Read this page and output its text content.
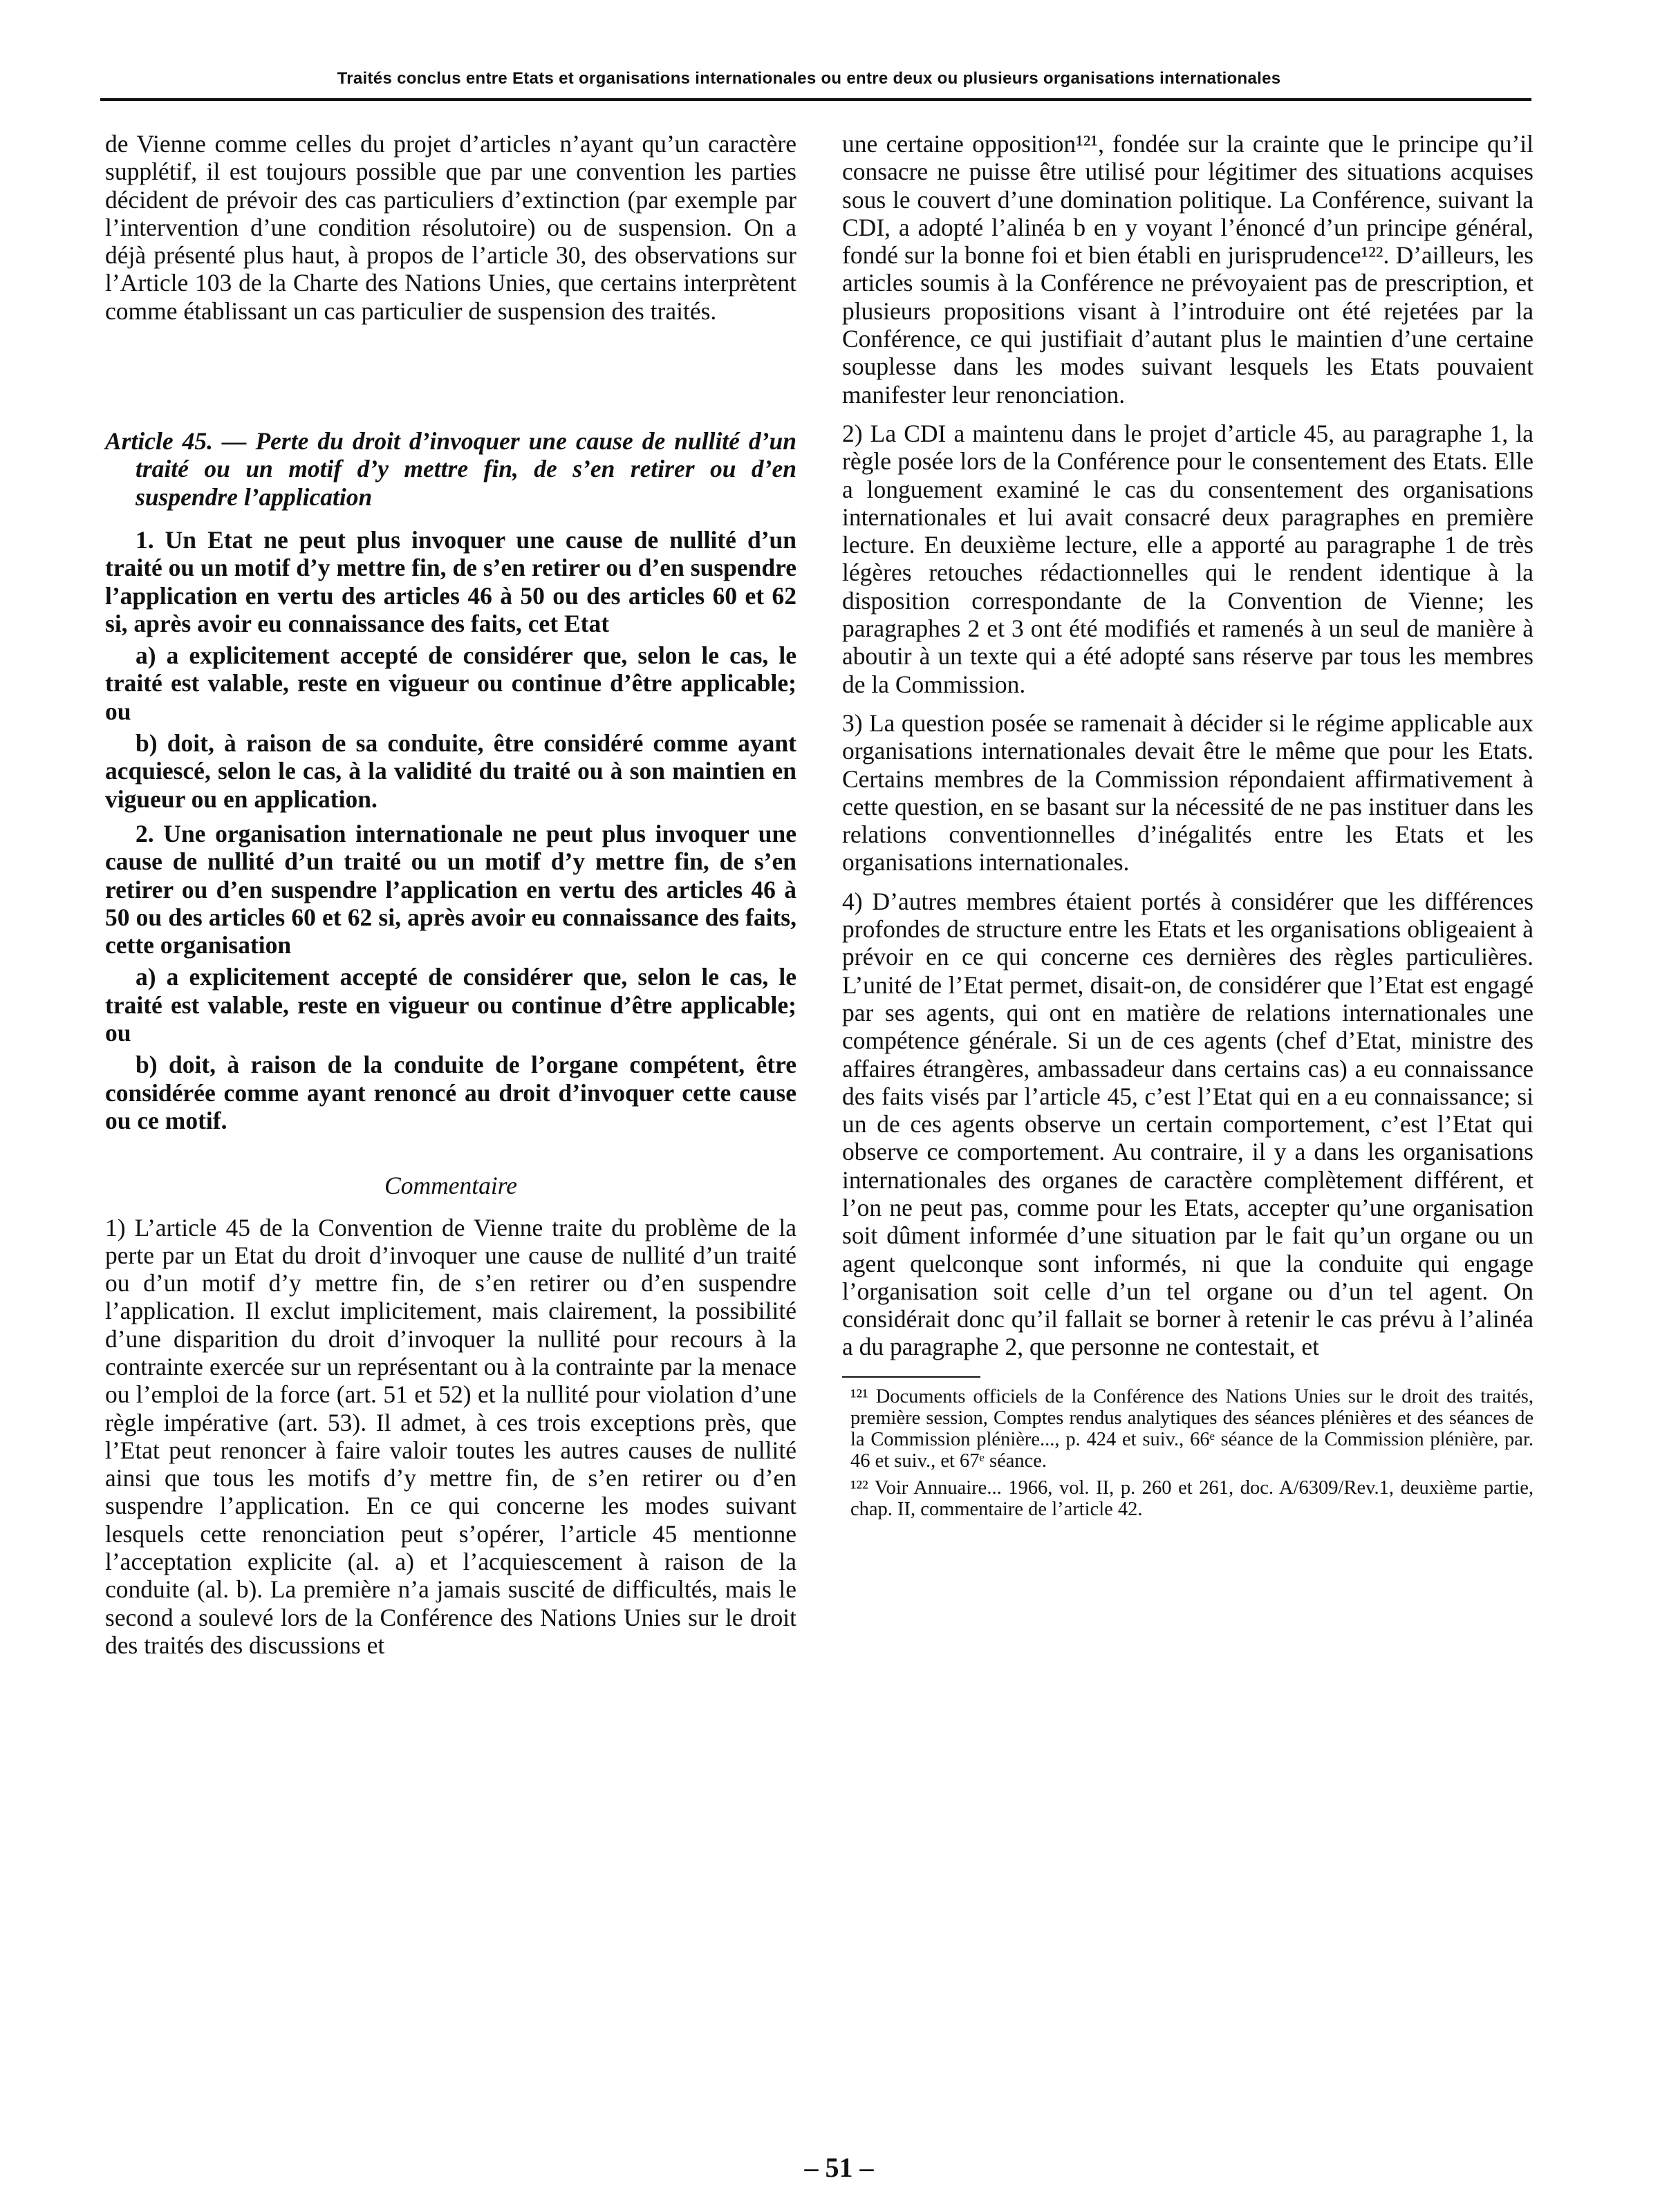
Traités conclus entre Etats et organisations internationales ou entre deux ou plusieurs organisations internationales

de Vienne comme celles du projet d’articles n’ayant qu’un caractère supplétif, il est toujours possible que par une convention les parties décident de prévoir des cas particuliers d’extinction (par exemple par l’intervention d’une condition résolutoire) ou de suspension. On a déjà présenté plus haut, à propos de l’article 30, des observations sur l’Article 103 de la Charte des Nations Unies, que certains interprètent comme établissant un cas particulier de suspension des traités.

Article 45. — Perte du droit d’invoquer une cause de nullité d’un traité ou un motif d’y mettre fin, de s’en retirer ou d’en suspendre l’application

1. Un Etat ne peut plus invoquer une cause de nullité d’un traité ou un motif d’y mettre fin, de s’en retirer ou d’en suspendre l’application en vertu des articles 46 à 50 ou des articles 60 et 62 si, après avoir eu connaissance des faits, cet Etat

a) a explicitement accepté de considérer que, selon le cas, le traité est valable, reste en vigueur ou continue d’être applicable; ou

b) doit, à raison de sa conduite, être considéré comme ayant acquiescé, selon le cas, à la validité du traité ou à son maintien en vigueur ou en application.

2. Une organisation internationale ne peut plus invoquer une cause de nullité d’un traité ou un motif d’y mettre fin, de s’en retirer ou d’en suspendre l’application en vertu des articles 46 à 50 ou des articles 60 et 62 si, après avoir eu connaissance des faits, cette organisation

a) a explicitement accepté de considérer que, selon le cas, le traité est valable, reste en vigueur ou continue d’être applicable; ou

b) doit, à raison de la conduite de l’organe compétent, être considérée comme ayant renoncé au droit d’invoquer cette cause ou ce motif.

Commentaire

1) L’article 45 de la Convention de Vienne traite du problème de la perte par un Etat du droit d’invoquer une cause de nullité d’un traité ou d’un motif d’y mettre fin, de s’en retirer ou d’en suspendre l’application. Il exclut implicitement, mais clairement, la possibilité d’une disparition du droit d’invoquer la nullité pour recours à la contrainte exercée sur un représentant ou à la contrainte par la menace ou l’emploi de la force (art. 51 et 52) et la nullité pour violation d’une règle impérative (art. 53). Il admet, à ces trois exceptions près, que l’Etat peut renoncer à faire valoir toutes les autres causes de nullité ainsi que tous les motifs d’y mettre fin, de s’en retirer ou d’en suspendre l’application. En ce qui concerne les modes suivant lesquels cette renonciation peut s’opérer, l’article 45 mentionne l’acceptation explicite (al. a) et l’acquiescement à raison de la conduite (al. b). La première n’a jamais suscité de difficultés, mais le second a soulevé lors de la Conférence des Nations Unies sur le droit des traités des discussions et

une certaine opposition¹²¹, fondée sur la crainte que le principe qu’il consacre ne puisse être utilisé pour légitimer des situations acquises sous le couvert d’une domination politique. La Conférence, suivant la CDI, a adopté l’alinéa b en y voyant l’énoncé d’un principe général, fondé sur la bonne foi et bien établi en jurisprudence¹²². D’ailleurs, les articles soumis à la Conférence ne prévoyaient pas de prescription, et plusieurs propositions visant à l’introduire ont été rejetées par la Conférence, ce qui justifiait d’autant plus le maintien d’une certaine souplesse dans les modes suivant lesquels les Etats pouvaient manifester leur renonciation.

2) La CDI a maintenu dans le projet d’article 45, au paragraphe 1, la règle posée lors de la Conférence pour le consentement des Etats. Elle a longuement examiné le cas du consentement des organisations internationales et lui avait consacré deux paragraphes en première lecture. En deuxième lecture, elle a apporté au paragraphe 1 de très légères retouches rédactionnelles qui le rendent identique à la disposition correspondante de la Convention de Vienne; les paragraphes 2 et 3 ont été modifiés et ramenés à un seul de manière à aboutir à un texte qui a été adopté sans réserve par tous les membres de la Commission.

3) La question posée se ramenait à décider si le régime applicable aux organisations internationales devait être le même que pour les Etats. Certains membres de la Commission répondaient affirmativement à cette question, en se basant sur la nécessité de ne pas instituer dans les relations conventionnelles d’inégalités entre les Etats et les organisations internationales.

4) D’autres membres étaient portés à considérer que les différences profondes de structure entre les Etats et les organisations obligeaient à prévoir en ce qui concerne ces dernières des règles particulières. L’unité de l’Etat permet, disait-on, de considérer que l’Etat est engagé par ses agents, qui ont en matière de relations internationales une compétence générale. Si un de ces agents (chef d’Etat, ministre des affaires étrangères, ambassadeur dans certains cas) a eu connaissance des faits visés par l’article 45, c’est l’Etat qui en a eu connaissance; si un de ces agents observe un certain comportement, c’est l’Etat qui observe ce comportement. Au contraire, il y a dans les organisations internationales des organes de caractère complètement différent, et l’on ne peut pas, comme pour les Etats, accepter qu’une organisation soit dûment informée d’une situation par le fait qu’un organe ou un agent quelconque sont informés, ni que la conduite qui engage l’organisation soit celle d’un tel organe ou d’un tel agent. On considérait donc qu’il fallait se borner à retenir le cas prévu à l’alinéa a du paragraphe 2, que personne ne contestait, et

¹²¹ Documents officiels de la Conférence des Nations Unies sur le droit des traités, première session, Comptes rendus analytiques des séances plénières et des séances de la Commission plénière..., p. 424 et suiv., 66ᵉ séance de la Commission plénière, par. 46 et suiv., et 67ᵉ séance.

¹²² Voir Annuaire... 1966, vol. II, p. 260 et 261, doc. A/6309/Rev.1, deuxième partie, chap. II, commentaire de l’article 42.

– 51 –
